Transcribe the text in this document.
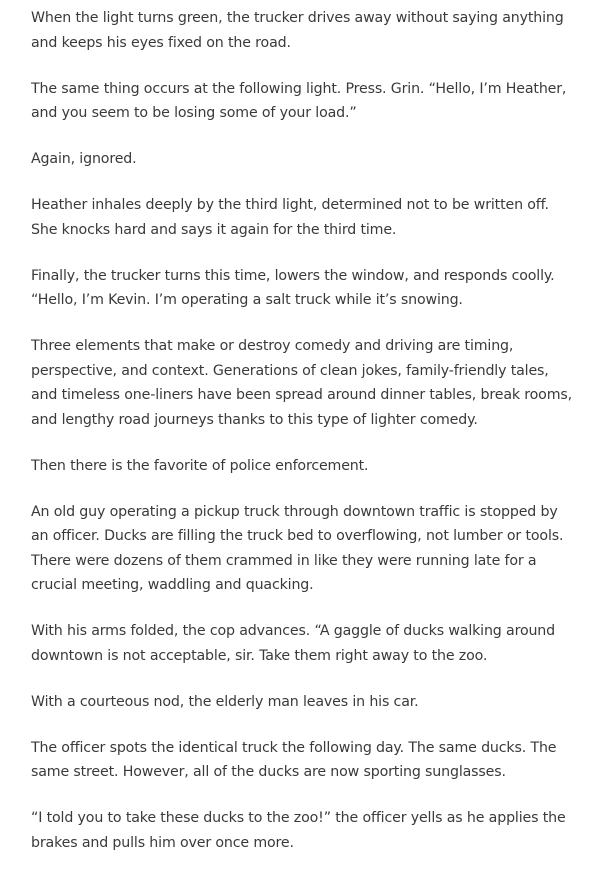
When the light turns green, the trucker drives away without saying anything and keeps his eyes fixed on the road.

The same thing occurs at the following light. Press. Grin. “Hello, I’m Heather, and you seem to be losing some of your load.”

Again, ignored.

Heather inhales deeply by the third light, determined not to be written off. She knocks hard and says it again for the third time.

Finally, the trucker turns this time, lowers the window, and responds coolly. “Hello, I’m Kevin. I’m operating a salt truck while it’s snowing.

Three elements that make or destroy comedy and driving are timing, perspective, and context. Generations of clean jokes, family-friendly tales, and timeless one-liners have been spread around dinner tables, break rooms, and lengthy road journeys thanks to this type of lighter comedy.

Then there is the favorite of police enforcement.

An old guy operating a pickup truck through downtown traffic is stopped by an officer. Ducks are filling the truck bed to overflowing, not lumber or tools. There were dozens of them crammed in like they were running late for a crucial meeting, waddling and quacking.

With his arms folded, the cop advances. “A gaggle of ducks walking around downtown is not acceptable, sir. Take them right away to the zoo.

With a courteous nod, the elderly man leaves in his car.

The officer spots the identical truck the following day. The same ducks. The same street. However, all of the ducks are now sporting sunglasses.

“I told you to take these ducks to the zoo!” the officer yells as he applies the brakes and pulls him over once more.
